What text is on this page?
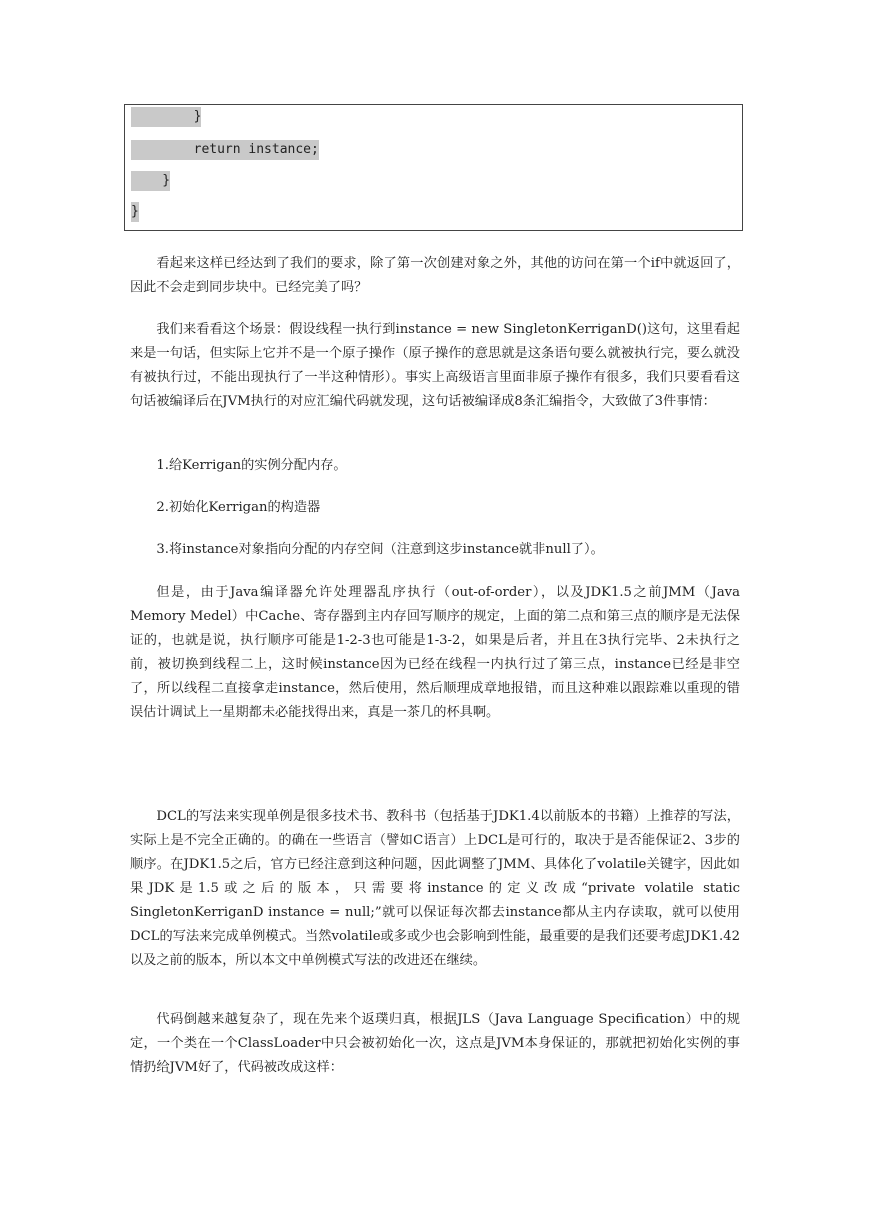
}
return instance;
}
}

看起来这样已经达到了我们的要求，除了第一次创建对象之外，其他的访问在第一个if中就返回了，因此不会走到同步块中。已经完美了吗？

我们来看看这个场景：假设线程一执行到instance = new SingletonKerriganD()这句，这里看起来是一句话，但实际上它并不是一个原子操作（原子操作的意思就是这条语句要么就被执行完，要么就没有被执行过，不能出现执行了一半这种情形）。事实上高级语言里面非原子操作有很多，我们只要看看这句话被编译后在JVM执行的对应汇编代码就发现，这句话被编译成8条汇编指令，大致做了3件事情：

1.给Kerrigan的实例分配内存。

2.初始化Kerrigan的构造器

3.将instance对象指向分配的内存空间（注意到这步instance就非null了）。

但是，由于Java编译器允许处理器乱序执行（out-of-order），以及JDK1.5之前JMM（Java Memory Medel）中Cache、寄存器到主内存回写顺序的规定，上面的第二点和第三点的顺序是无法保证的，也就是说，执行顺序可能是1-2-3也可能是1-3-2，如果是后者，并且在3执行完毕、2未执行之前，被切换到线程二上，这时候instance因为已经在线程一内执行过了第三点，instance已经是非空了，所以线程二直接拿走instance，然后使用，然后顺理成章地报错，而且这种难以跟踪难以重现的错误估计调试上一星期都未必能找得出来，真是一茶几的杯具啊。

DCL的写法来实现单例是很多技术书、教科书（包括基于JDK1.4以前版本的书籍）上推荐的写法，实际上是不完全正确的。的确在一些语言（譬如C语言）上DCL是可行的，取决于是否能保证2、3步的顺序。在JDK1.5之后，官方已经注意到这种问题，因此调整了JMM、具体化了volatile关键字，因此如果JDK是1.5或之后的版本，只需要将instance的定义改成“private volatile static SingletonKerriganD instance = null;”就可以保证每次都去instance都从主内存读取，就可以使用DCL的写法来完成单例模式。当然volatile或多或少也会影响到性能，最重要的是我们还要考虑JDK1.42以及之前的版本，所以本文中单例模式写法的改进还在继续。

代码倒越来越复杂了，现在先来个返璞归真，根据JLS（Java Language Specification）中的规定，一个类在一个ClassLoader中只会被初始化一次，这点是JVM本身保证的，那就把初始化实例的事情扔给JVM好了，代码被改成这样：
